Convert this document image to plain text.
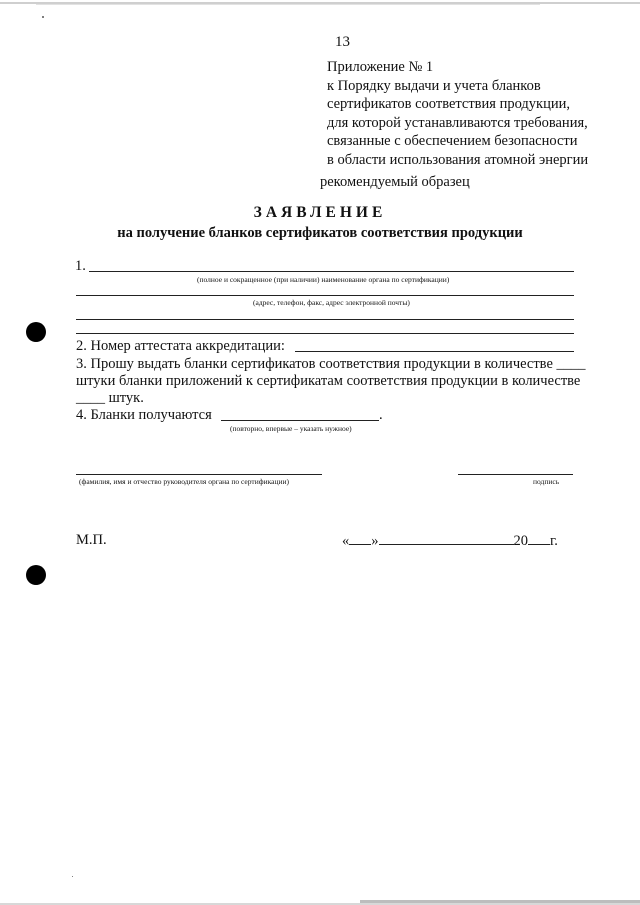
13
Приложение № 1
к Порядку выдачи и учета бланков
сертификатов соответствия продукции,
для которой устанавливаются требования,
связанные с обеспечением безопасности
в области использования атомной энергии
рекомендуемый образец
ЗАЯВЛЕНИЕ
на получение бланков сертификатов соответствия продукции
1.
(полное и сокращенное (при наличии) наименование органа по сертификации)
(адрес, телефон, факс, адрес электронной почты)
2. Номер аттестата аккредитации:
3. Прошу выдать бланки сертификатов соответствия продукции в количестве ____
штуки бланки приложений к сертификатам соответствия продукции в количестве
____ штук.
4. Бланки получаются	.
(повторно, впервые – указать нужное)
(фамилия, имя и отчество руководителя органа по сертификации)	подпись
М.П.	« »	20 г.
